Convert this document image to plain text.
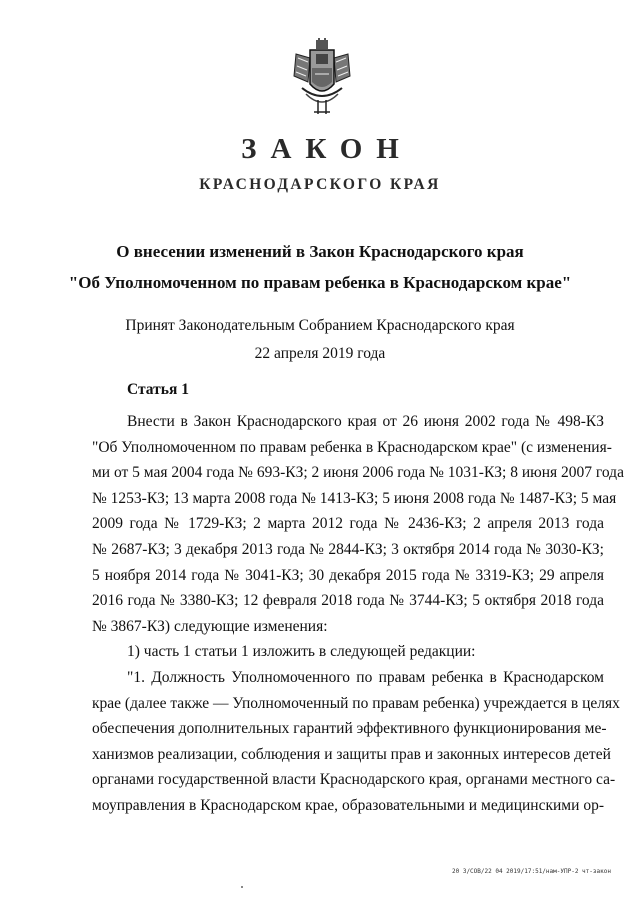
ЗАКОН
КРАСНОДАРСКОГО КРАЯ
О внесении изменений в Закон Краснодарского края
"Об Уполномоченном по правам ребенка в Краснодарском крае"
Принят Законодательным Собранием Краснодарского края
22 апреля 2019 года
Статья 1
Внести в Закон Краснодарского края от 26 июня 2002 года № 498-КЗ
"Об Уполномоченном по правам ребенка в Краснодарском крае" (с изменения-
ми от 5 мая 2004 года № 693-КЗ; 2 июня 2006 года № 1031-КЗ; 8 июня 2007 года
№ 1253-КЗ; 13 марта 2008 года № 1413-КЗ; 5 июня 2008 года № 1487-КЗ; 5 мая
2009 года № 1729-КЗ; 2 марта 2012 года № 2436-КЗ; 2 апреля 2013 года
№ 2687-КЗ; 3 декабря 2013 года № 2844-КЗ; 3 октября 2014 года № 3030-КЗ;
5 ноября 2014 года № 3041-КЗ; 30 декабря 2015 года № 3319-КЗ; 29 апреля
2016 года № 3380-КЗ; 12 февраля 2018 года № 3744-КЗ; 5 октября 2018 года
№ 3867-КЗ) следующие изменения:
1) часть 1 статьи 1 изложить в следующей редакции:
"1. Должность Уполномоченного по правам ребенка в Краснодарском
крае (далее также — Уполномоченный по правам ребенка) учреждается в целях
обеспечения дополнительных гарантий эффективного функционирования ме-
ханизмов реализации, соблюдения и защиты прав и законных интересов детей
органами государственной власти Краснодарского края, органами местного са-
моуправления в Краснодарском крае, образовательными и медицинскими ор-
20 3/СОВ/22 04 2019/17:51/нам-УПР-2 чт-закон
